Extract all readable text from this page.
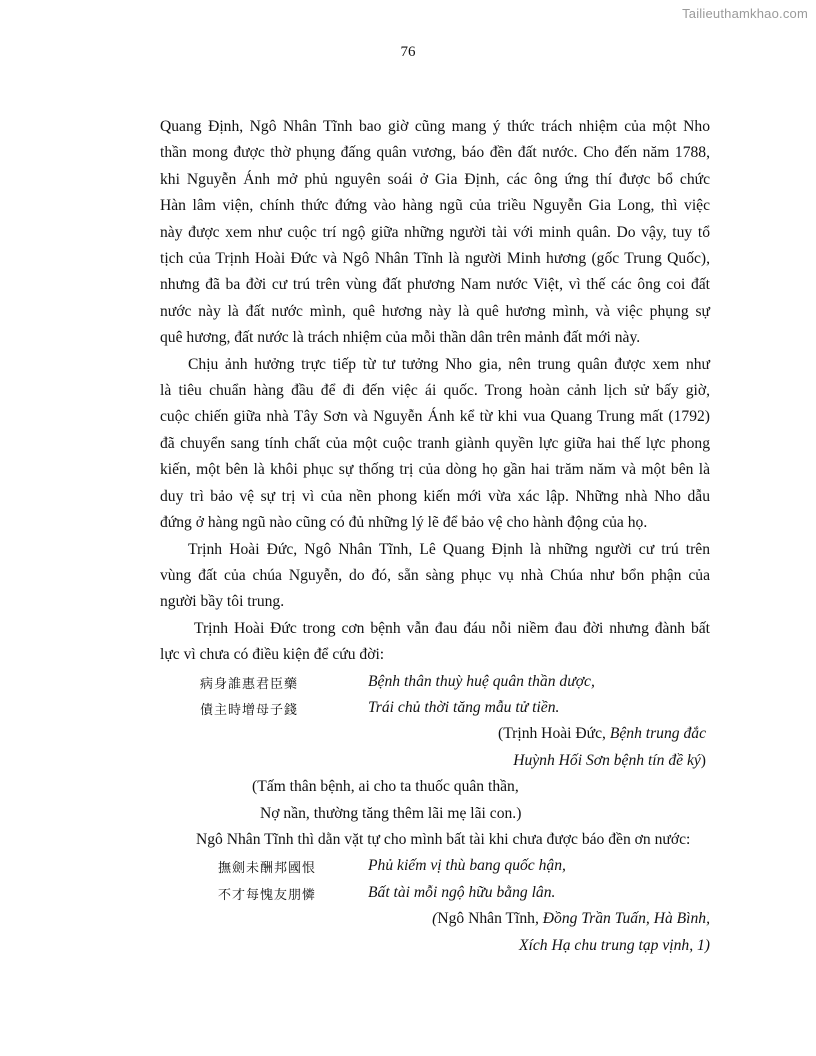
Tailieuthamkhao.com
76

Quang Định, Ngô Nhân Tĩnh bao giờ cũng mang ý thức trách nhiệm của một Nho
thần mong được thờ phụng đấng quân vương, báo đền đất nước. Cho đến năm 1788,
khi Nguyễn Ánh mở phủ nguyên soái ở Gia Định, các ông ứng thí được bổ chức
Hàn lâm viện, chính thức đứng vào hàng ngũ của triều Nguyễn Gia Long, thì việc
này được xem như cuộc trí ngộ giữa những người tài với minh quân. Do vậy, tuy tổ
tịch của Trịnh Hoài Đức và Ngô Nhân Tĩnh là người Minh hương (gốc Trung Quốc),
nhưng đã ba đời cư trú trên vùng đất phương Nam nước Việt, vì thế các ông coi đất
nước này là đất nước mình, quê hương này là quê hương mình, và việc phụng sự
quê hương, đất nước là trách nhiệm của mỗi thần dân trên mảnh đất mới này.

Chịu ảnh hưởng trực tiếp từ tư tưởng Nho gia, nên trung quân được xem như
là tiêu chuẩn hàng đầu để đi đến việc ái quốc. Trong hoàn cảnh lịch sử bấy giờ,
cuộc chiến giữa nhà Tây Sơn và Nguyễn Ánh kể từ khi vua Quang Trung mất (1792)
đã chuyển sang tính chất của một cuộc tranh giành quyền lực giữa hai thế lực phong
kiến, một bên là khôi phục sự thống trị của dòng họ gần hai trăm năm và một bên là
duy trì bảo vệ sự trị vì của nền phong kiến mới vừa xác lập. Những nhà Nho dẫu
đứng ở hàng ngũ nào cũng có đủ những lý lẽ để bảo vệ cho hành động của họ.

Trịnh Hoài Đức, Ngô Nhân Tĩnh, Lê Quang Định là những người cư trú trên
vùng đất của chúa Nguyễn, do đó, sẵn sàng phục vụ nhà Chúa như bổn phận của
người bầy tôi trung.

Trịnh Hoài Đức trong cơn bệnh vẫn đau đáu nỗi niềm đau đời nhưng đành bất
lực vì chưa có điều kiện để cứu đời:

病身誰惠君臣藥	Bệnh thân thuỳ huệ quân thần dược,
債主時增母子錢	Trái chủ thời tăng mẫu tử tiền.
(Trịnh Hoài Đức, Bệnh trung đắc
Huỳnh Hối Sơn bệnh tín đề ký)
(Tấm thân bệnh, ai cho ta thuốc quân thần,
Nợ nần, thường tăng thêm lãi mẹ lãi con.)
Ngô Nhân Tĩnh thì dằn vặt tự cho mình bất tài khi chưa được báo đền ơn nước:
撫劍未酬邦國恨	Phủ kiếm vị thù bang quốc hận,
不才每愧友朋憐	Bất tài mỗi ngộ hữu bằng lân.
(Ngô Nhân Tĩnh, Đồng Trần Tuấn, Hà Bình,
Xích Hạ chu trung tạp vịnh, 1)
